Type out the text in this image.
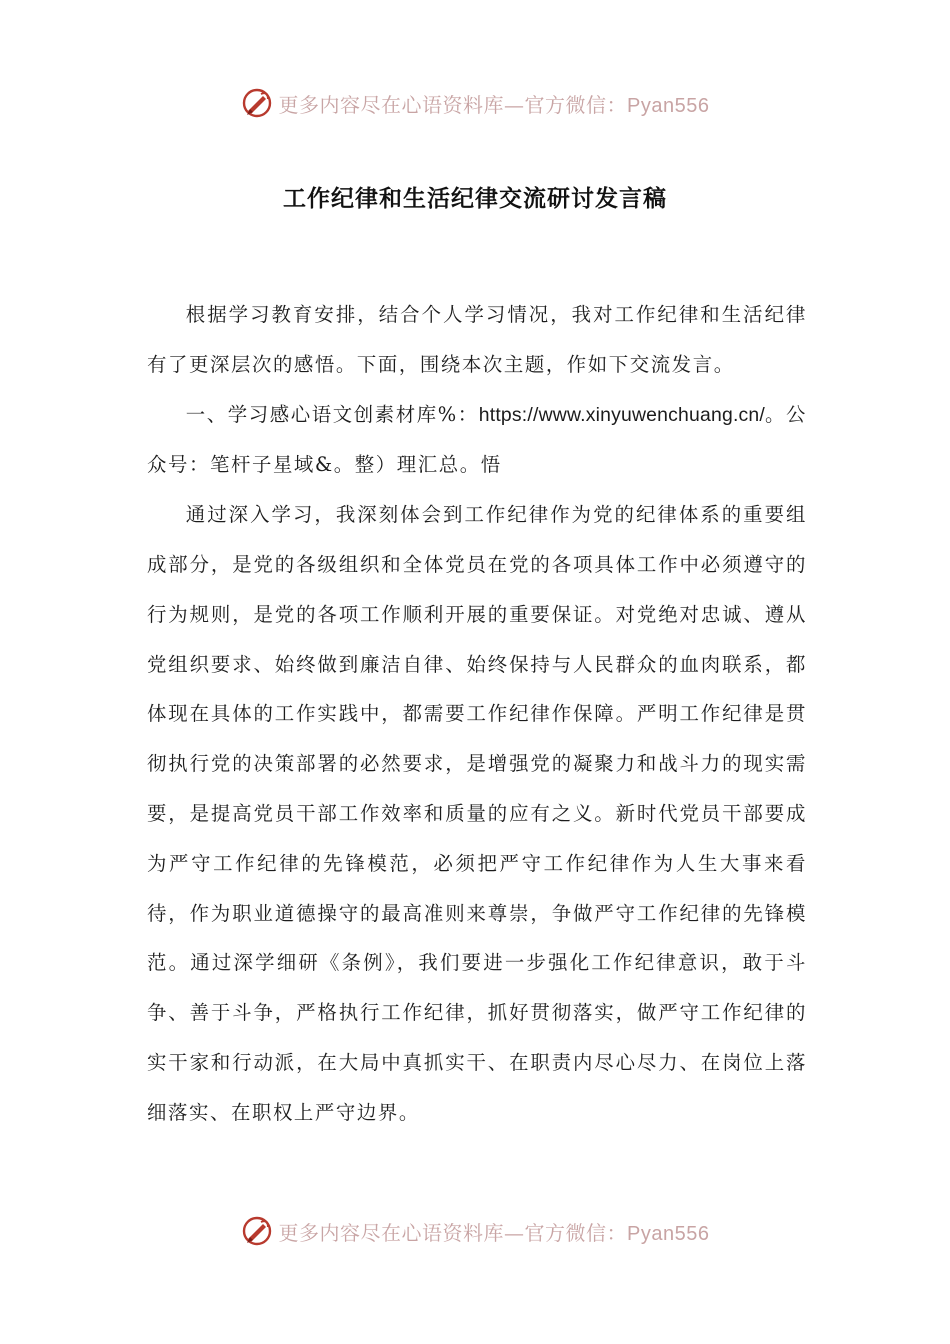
更多内容尽在心语资料库—官方微信：Pyan556
工作纪律和生活纪律交流研讨发言稿

根据学习教育安排，结合个人学习情况，我对工作纪律和生活纪律有了更深层次的感悟。下面，围绕本次主题，作如下交流发言。

一、学习感心语文创素材库%：https://www.xinyuwenchuang.cn/。公众号：笔杆子星域&。整）理汇总。悟

通过深入学习，我深刻体会到工作纪律作为党的纪律体系的重要组成部分，是党的各级组织和全体党员在党的各项具体工作中必须遵守的行为规则，是党的各项工作顺利开展的重要保证。对党绝对忠诚、遵从党组织要求、始终做到廉洁自律、始终保持与人民群众的血肉联系，都体现在具体的工作实践中，都需要工作纪律作保障。严明工作纪律是贯彻执行党的决策部署的必然要求，是增强党的凝聚力和战斗力的现实需要，是提高党员干部工作效率和质量的应有之义。新时代党员干部要成为严守工作纪律的先锋模范，必须把严守工作纪律作为人生大事来看待，作为职业道德操守的最高准则来尊崇，争做严守工作纪律的先锋模范。通过深学细研《条例》，我们要进一步强化工作纪律意识，敢于斗争、善于斗争，严格执行工作纪律，抓好贯彻落实，做严守工作纪律的实干家和行动派，在大局中真抓实干、在职责内尽心尽力、在岗位上落细落实、在职权上严守边界。

更多内容尽在心语资料库—官方微信：Pyan556
